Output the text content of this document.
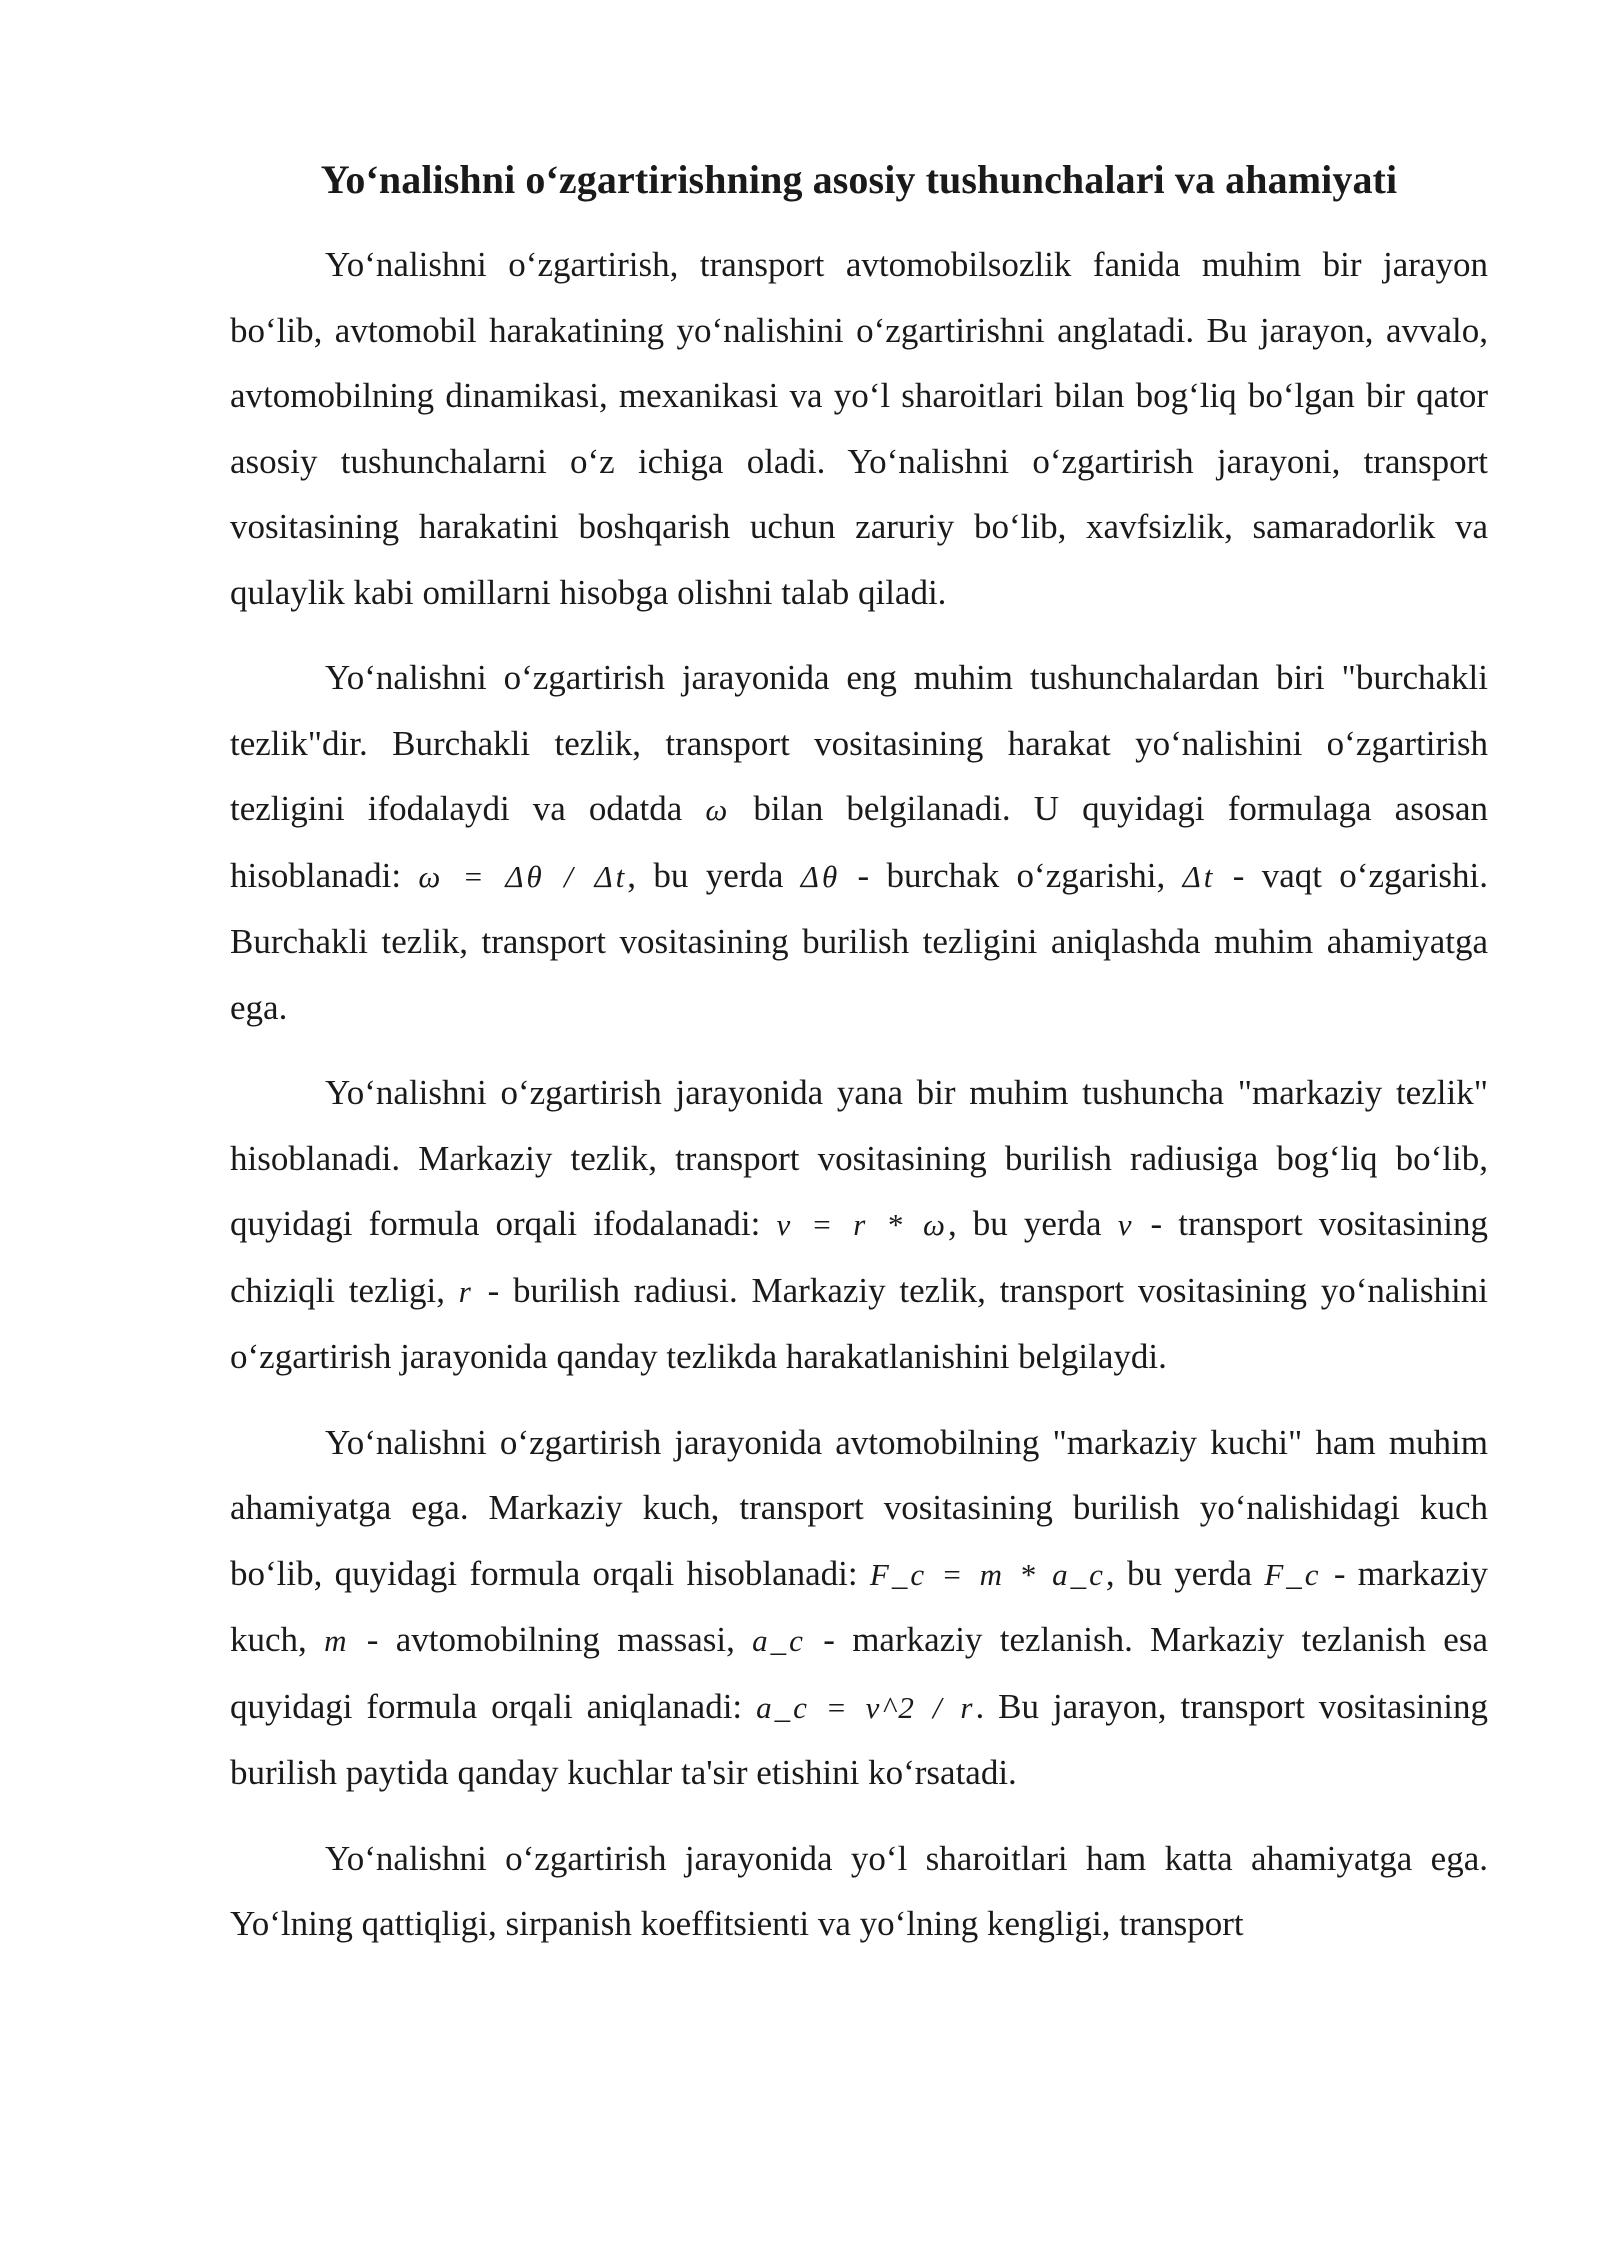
Yo‘nalishni o‘zgartirishning asosiy tushunchalari va ahamiyati

Yo‘nalishni o‘zgartirish, transport avtomobilsozlik fanida muhim bir jarayon bo‘lib, avtomobil harakatining yo‘nalishini o‘zgartirishni anglatadi. Bu jarayon, avvalo, avtomobilning dinamikasi, mexanikasi va yo‘l sharoitlari bilan bog‘liq bo‘lgan bir qator asosiy tushunchalarni o‘z ichiga oladi. Yo‘nalishni o‘zgartirish jarayoni, transport vositasining harakatini boshqarish uchun zaruriy bo‘lib, xavfsizlik, samaradorlik va qulaylik kabi omillarni hisobga olishni talab qiladi.

Yo‘nalishni o‘zgartirish jarayonida eng muhim tushunchalardan biri "burchakli tezlik"dir. Burchakli tezlik, transport vositasining harakat yo‘nalishini o‘zgartirish tezligini ifodalaydi va odatda ω bilan belgilanadi. U quyidagi formulaga asosan hisoblanadi: ω = Δθ / Δt, bu yerda Δθ - burchak o‘zgarishi, Δt - vaqt o‘zgarishi. Burchakli tezlik, transport vositasining burilish tezligini aniqlashda muhim ahamiyatga ega.

Yo‘nalishni o‘zgartirish jarayonida yana bir muhim tushuncha "markaziy tezlik" hisoblanadi. Markaziy tezlik, transport vositasining burilish radiusiga bog‘liq bo‘lib, quyidagi formula orqali ifodalanadi: v = r * ω, bu yerda v - transport vositasining chiziqli tezligi, r - burilish radiusi. Markaziy tezlik, transport vositasining yo‘nalishini o‘zgartirish jarayonida qanday tezlikda harakatlanishini belgilaydi.

Yo‘nalishni o‘zgartirish jarayonida avtomobilning "markaziy kuchi" ham muhim ahamiyatga ega. Markaziy kuch, transport vositasining burilish yo‘nalishidagi kuch bo‘lib, quyidagi formula orqali hisoblanadi: F_c = m * a_c, bu yerda F_c - markaziy kuch, m - avtomobilning massasi, a_c - markaziy tezlanish. Markaziy tezlanish esa quyidagi formula orqali aniqlanadi: a_c = v^2 / r. Bu jarayon, transport vositasining burilish paytida qanday kuchlar ta'sir etishini ko‘rsatadi.

Yo‘nalishni o‘zgartirish jarayonida yo‘l sharoitlari ham katta ahamiyatga ega. Yo‘lning qattiqligi, sirpanish koeffitsienti va yo‘lning kengligi, transport
